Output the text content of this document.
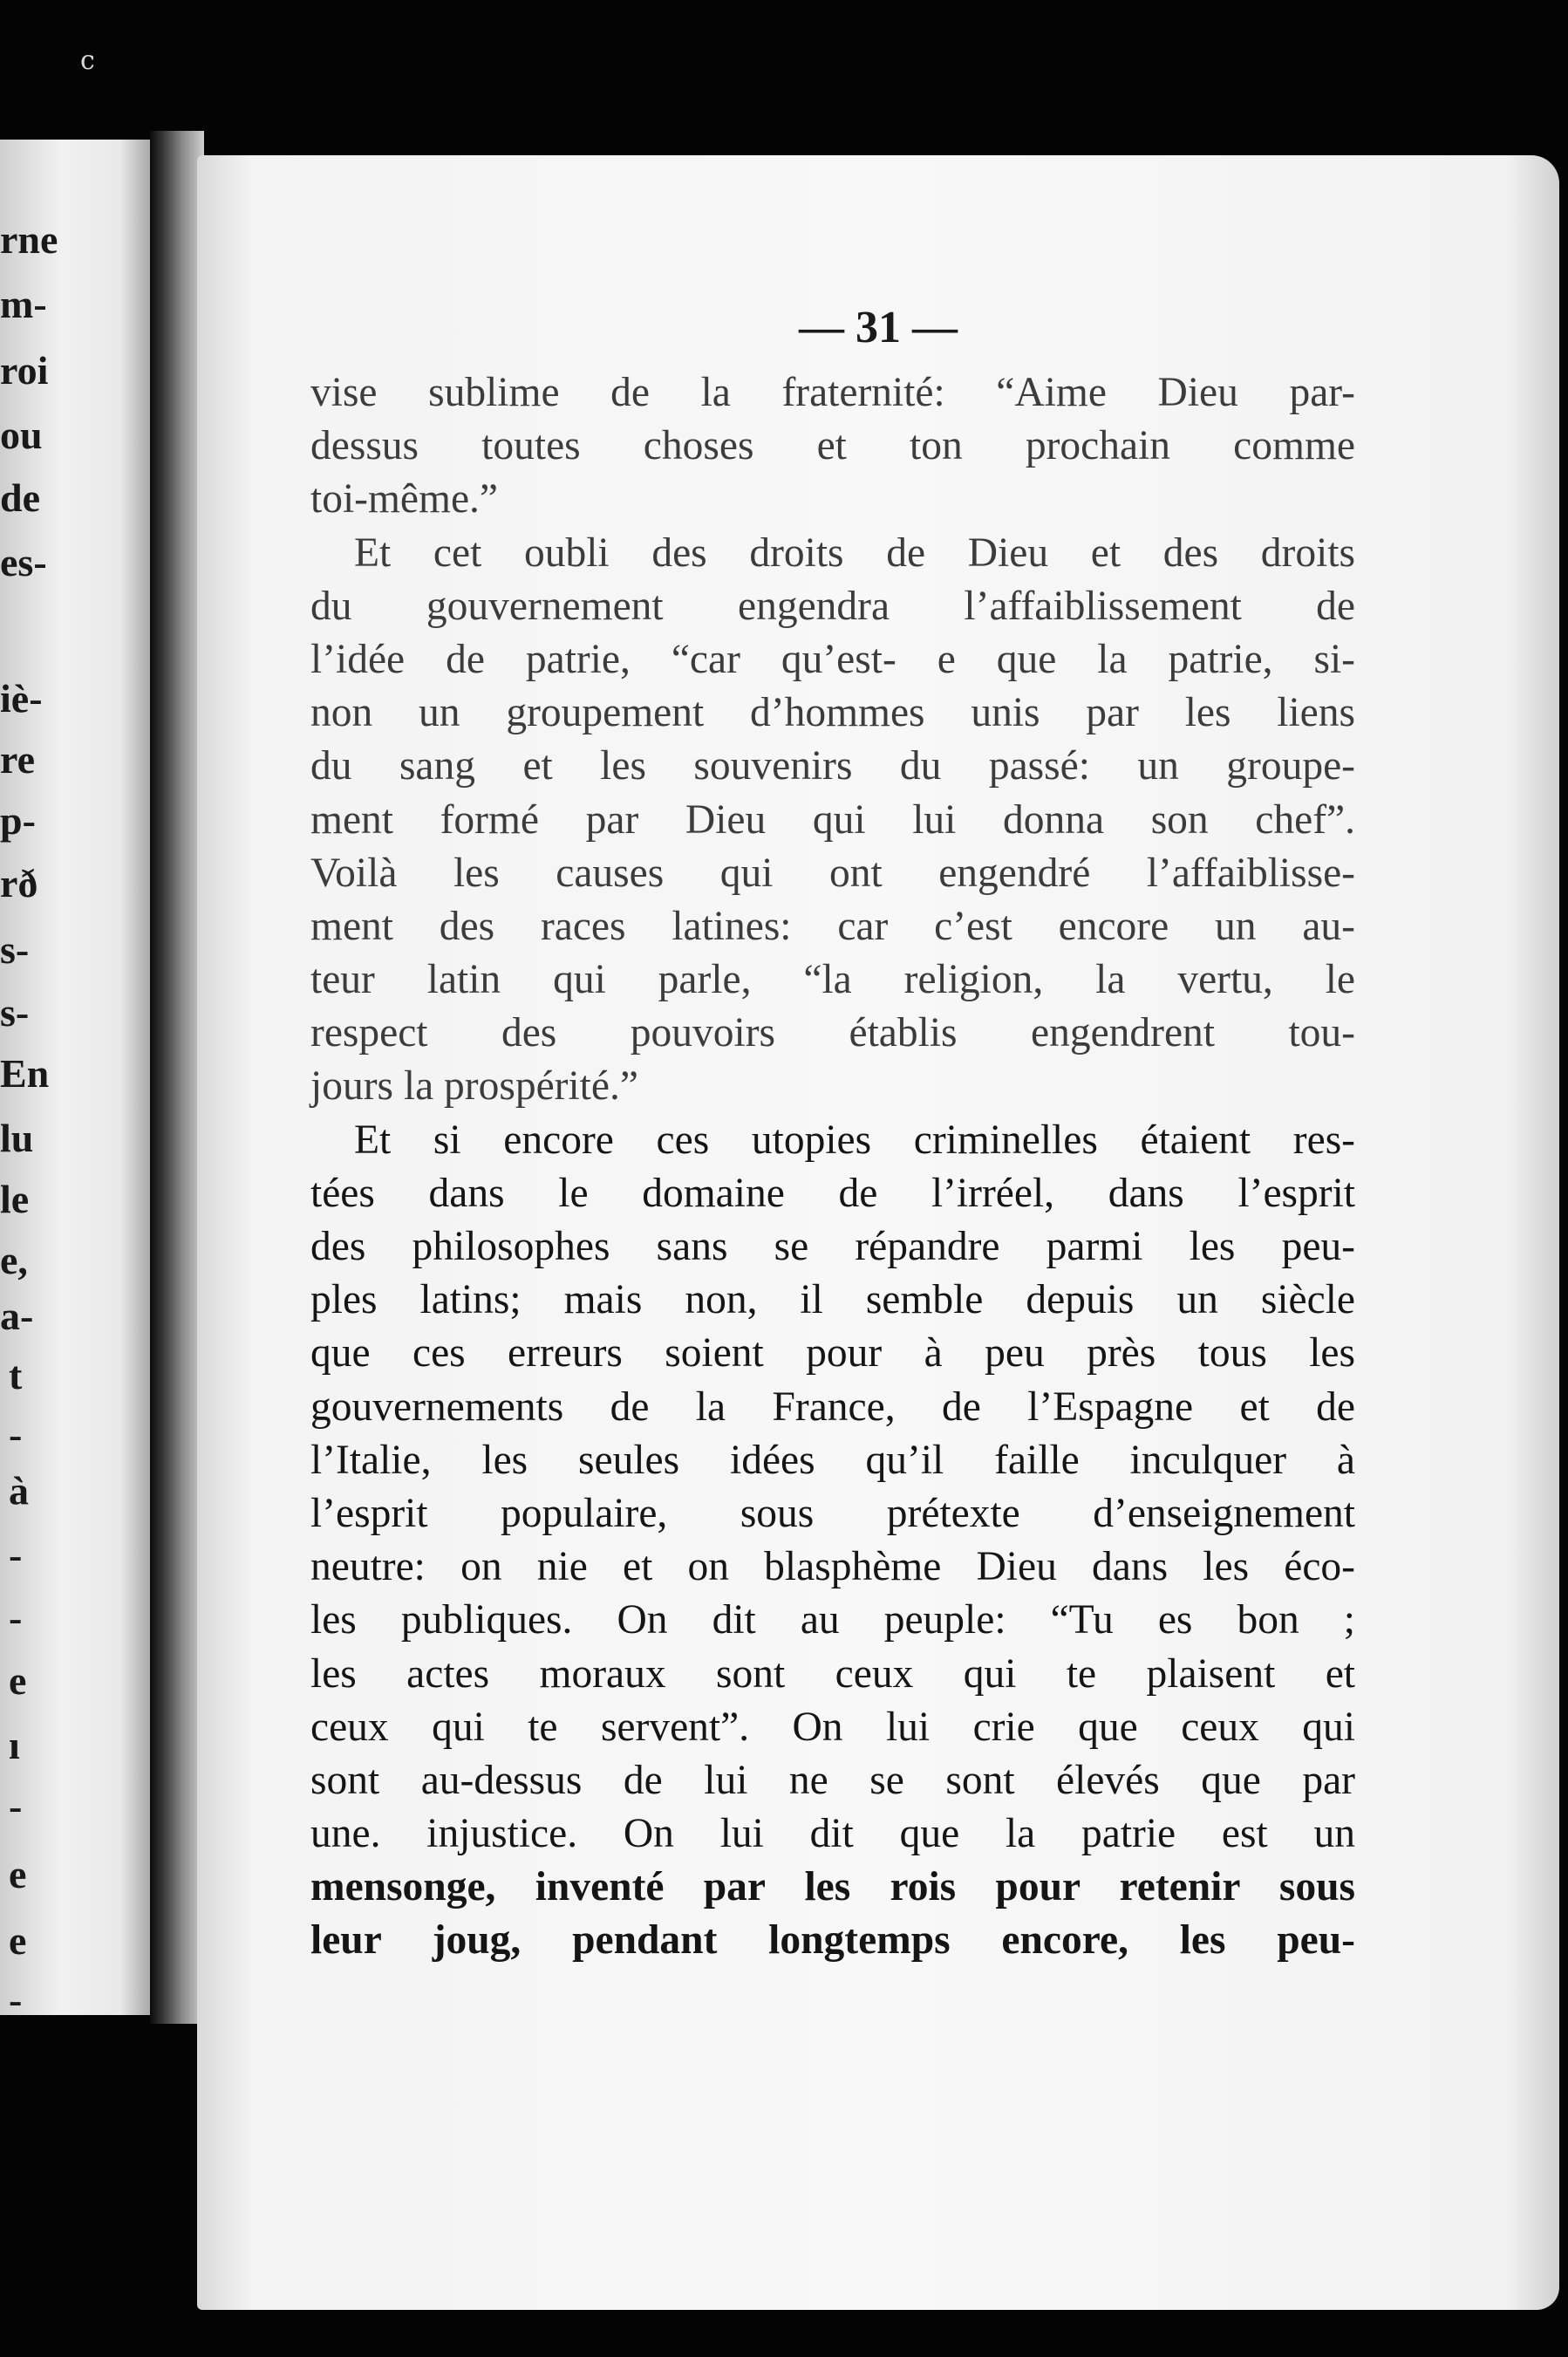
c
rne
m-
roi
ou
de
es-
iè-
re
p-
rð
s-
s-
En
lu
le
e,
a-
t
-
à
-
-
e
ı
-
e
e
-
— 31 —
vise sublime de la fraternité: “Aime Dieu par-
dessus toutes choses et ton prochain comme
toi-même.”
Et cet oubli des droits de Dieu et des droits
du gouvernement engendra l’affaiblissement de
l’idée de patrie, “car qu’est- e que la patrie, si-
non un groupement d’hommes unis par les liens
du sang et les souvenirs du passé: un groupe-
ment formé par Dieu qui lui donna son chef”.
Voilà les causes qui ont engendré l’affaiblisse-
ment des races latines: car c’est encore un au-
teur latin qui parle, “la religion, la vertu, le
respect des pouvoirs établis engendrent tou-
jours la prospérité.”
Et si encore ces utopies criminelles étaient res-
tées dans le domaine de l’irréel, dans l’esprit
des philosophes sans se répandre parmi les peu-
ples latins; mais non, il semble depuis un siècle
que ces erreurs soient pour à peu près tous les
gouvernements de la France, de l’Espagne et de
l’Italie, les seules idées qu’il faille inculquer à
l’esprit populaire, sous prétexte d’enseignement
neutre: on nie et on blasphème Dieu dans les éco-
les publiques. On dit au peuple: “Tu es bon ;
les actes moraux sont ceux qui te plaisent et
ceux qui te servent”. On lui crie que ceux qui
sont au-dessus de lui ne se sont élevés que par
une. injustice. On lui dit que la patrie est un
mensonge, inventé par les rois pour retenir sous
leur joug, pendant longtemps encore, les peu-
